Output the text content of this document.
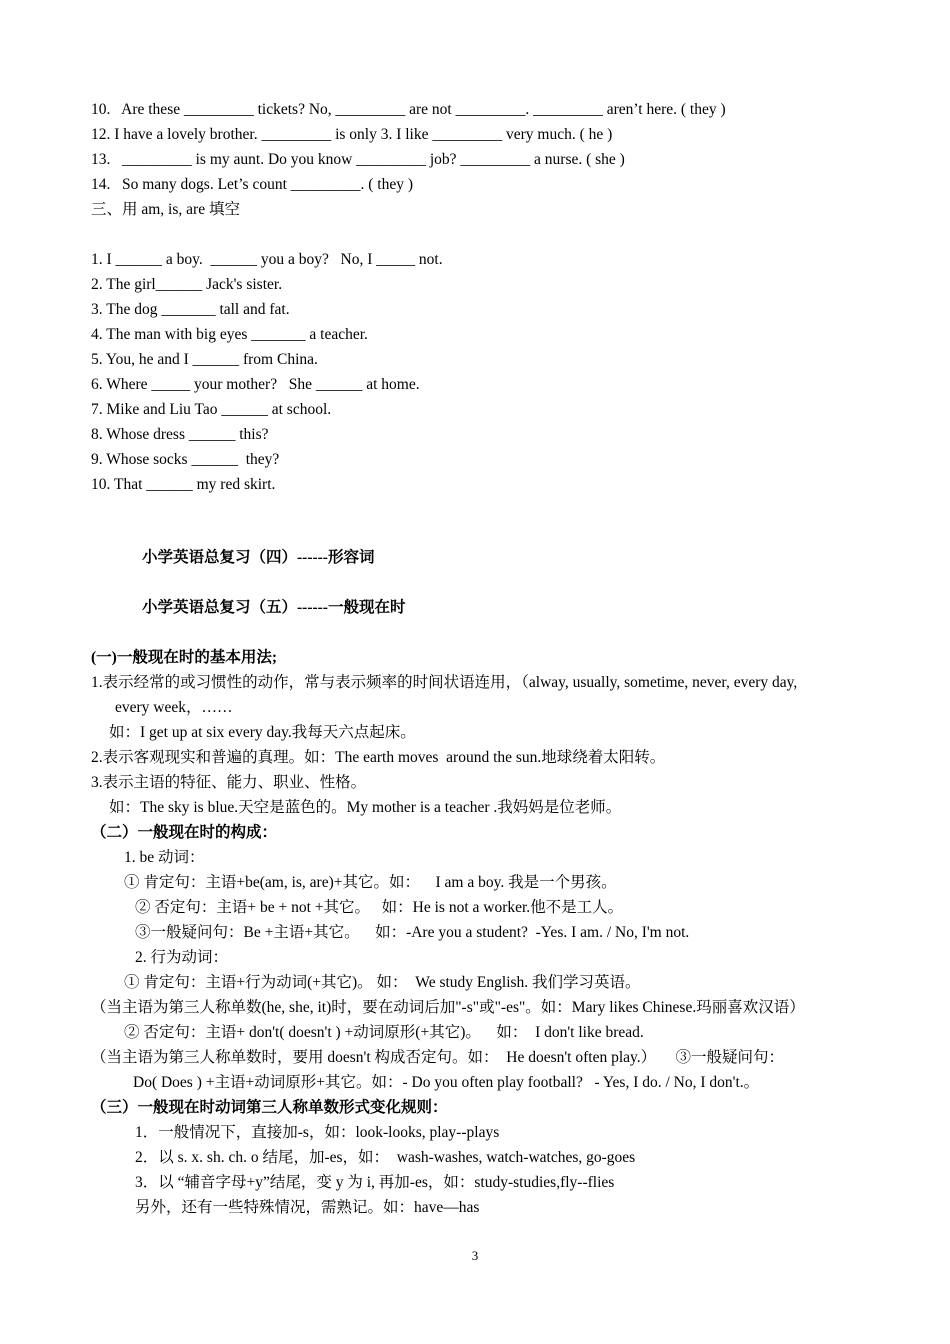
10.   Are these _________ tickets? No, _________ are not _________. _________ aren’t here. ( they )
12. I have a lovely brother. _________ is only 3. I like _________ very much. ( he )
13.   _________ is my aunt. Do you know _________ job? _________ a nurse. ( she )
14.   So many dogs. Let’s count _________. ( they )
三、用 am, is, are 填空
1. I ______ a boy.  ______ you a boy?   No, I _____ not.
2. The girl______ Jack's sister.
3. The dog _______ tall and fat.
4. The man with big eyes _______ a teacher.
5. You, he and I ______ from China.
6. Where _____ your mother?   She ______ at home.
7. Mike and Liu Tao ______ at school.
8. Whose dress ______ this?
9. Whose socks ______  they?
10. That ______ my red skirt.
小学英语总复习（四）------形容词
小学英语总复习（五）------一般现在时
(一)一般现在时的基本用法;
1.表示经常的或习惯性的动作，常与表示频率的时间状语连用，（alway, usually, sometime, never, every day,
every week，……
如：I get up at six every day.我每天六点起床。
2.表示客观现实和普遍的真理。如：The earth moves  around the sun.地球绕着太阳转。
3.表示主语的特征、能力、职业、性格。
如：The sky is blue.天空是蓝色的。My mother is a teacher .我妈妈是位老师。
（二）一般现在时的构成：
1. be 动词：
① 肯定句：主语+be(am, is, are)+其它。如：    I am a boy. 我是一个男孩。
② 否定句：主语+ be + not +其它。   如：He is not a worker.他不是工人。
③一般疑问句：Be +主语+其它。    如：-Are you a student?  -Yes. I am. / No, I'm not.
2. 行为动词：
① 肯定句：主语+行为动词(+其它)。 如：  We study English. 我们学习英语。
（当主语为第三人称单数(he, she, it)时，要在动词后加"-s"或"-es"。如：Mary likes Chinese.玛丽喜欢汉语）
② 否定句：主语+ don't( doesn't ) +动词原形(+其它)。    如：  I don't like bread.
（当主语为第三人称单数时，要用 doesn't 构成否定句。如：  He doesn't often play.）     ③一般疑问句：
Do( Does ) +主语+动词原形+其它。如：- Do you often play football?   - Yes, I do. / No, I don't.。
（三）一般现在时动词第三人称单数形式变化规则：
1．一般情况下，直接加-s，如：look-looks, play--plays
2．以 s. x. sh. ch. o 结尾，加-es，如：  wash-washes, watch-watches, go-goes
3．以 “辅音字母+y”结尾，变 y 为 i, 再加-es，如：study-studies,fly--flies
另外，还有一些特殊情况，需熟记。如：have—has
3
